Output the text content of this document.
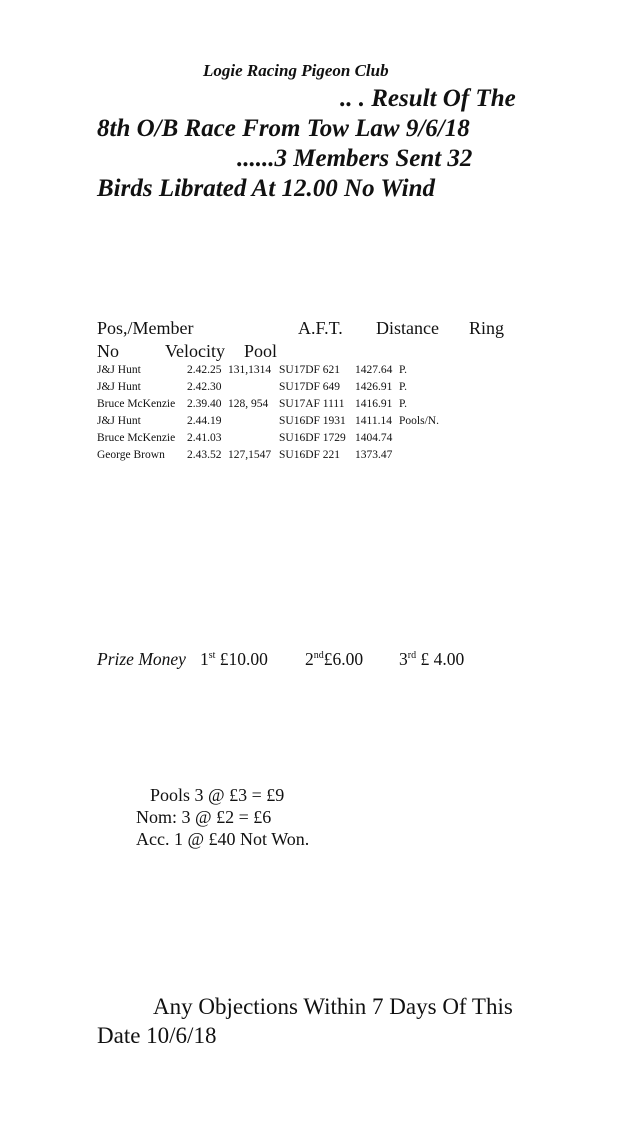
Logie Racing Pigeon Club
.. . Result Of The
8th O/B Race From Tow Law 9/6/18
......3 Members Sent 32
Birds Librated At 12.00 No Wind
Pos,/Member	A.F.T. Distance Ring
No	Velocity Pool
J&J Hunt	2.42.25 131,1314 SU17DF 621 1427.64 P.
J&J Hunt	2.42.30	SU17DF 649 1426.91 P.
Bruce McKenzie 2.39.40 128, 954 SU17AF 1111 1416.91 P.
J&J Hunt	2.44.19	SU16DF 1931 1411.14 Pools/N.
Bruce McKenzie 2.41.03	SU16DF 1729 1404.74
George Brown 2.43.52 127,1547 SU16DF 221 1373.47
Prize Money 1st £10.00 2nd£6.00 3rd £ 4.00
Pools 3 @ £3 = £9
Nom: 3 @ £2 = £6
Acc. 1 @ £40 Not Won.
Any Objections Within 7 Days Of This
Date 10/6/18
